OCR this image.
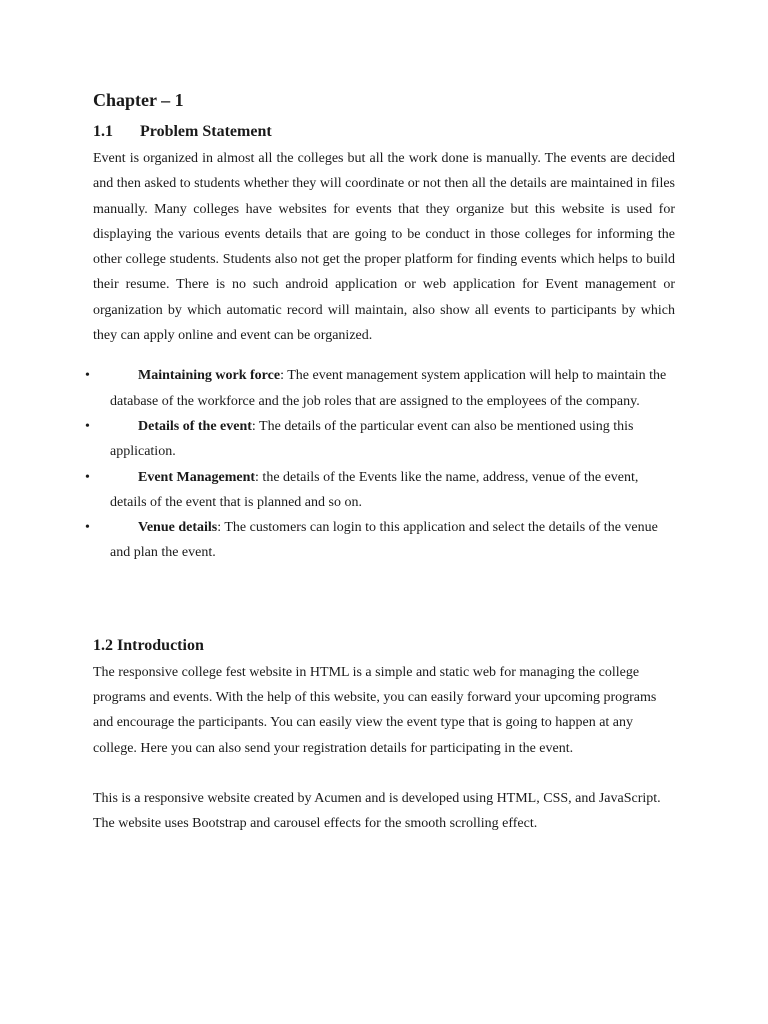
Chapter – 1
1.1 Problem Statement

Event is organized in almost all the colleges but all the work done is manually. The events are decided and then asked to students whether they will coordinate or not then all the details are maintained in files manually. Many colleges have websites for events that they organize but this website is used for displaying the various events details that are going to be conduct in those colleges for informing the other college students. Students also not get the proper platform for finding events which helps to build their resume. There is no such android application or web application for Event management or organization by which automatic record will maintain, also show all events to participants by which they can apply online and event can be organized.

•	Maintaining work force: The event management system application will help to maintain the database of the workforce and the job roles that are assigned to the employees of the company.
•	Details of the event: The details of the particular event can also be mentioned using this application.
•	Event Management: the details of the Events like the name, address, venue of the event, details of the event that is planned and so on.
•	Venue details: The customers can login to this application and select the details of the venue and plan the event.
1.2 Introduction

The responsive college fest website in HTML is a simple and static web for managing the college programs and events. With the help of this website, you can easily forward your upcoming programs and encourage the participants. You can easily view the event type that is going to happen at any college. Here you can also send your registration details for participating in the event.

This is a responsive website created by Acumen and is developed using HTML, CSS, and JavaScript. The website uses Bootstrap and carousel effects for the smooth scrolling effect.
